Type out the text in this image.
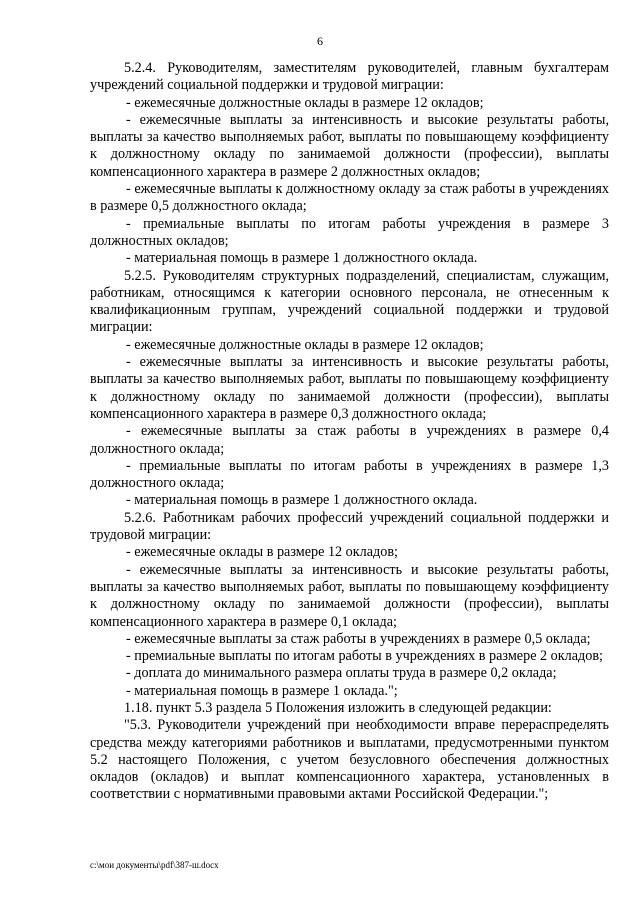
6

5.2.4. Руководителям, заместителям руководителей, главным бухгалтерам учреждений социальной поддержки и трудовой миграции:

- ежемесячные должностные оклады в размере 12 окладов;

- ежемесячные выплаты за интенсивность и высокие результаты работы, выплаты за качество выполняемых работ, выплаты по повышающему коэффициенту к должностному окладу по занимаемой должности (профессии), выплаты компенсационного характера в размере 2 должностных окладов;

- ежемесячные выплаты к должностному окладу за стаж работы в учреждениях в размере 0,5 должностного оклада;

- премиальные выплаты по итогам работы учреждения в размере 3 должностных окладов;

- материальная помощь в размере 1 должностного оклада.

5.2.5. Руководителям структурных подразделений, специалистам, служащим, работникам, относящимся к категории основного персонала, не отнесенным к квалификационным группам, учреждений социальной поддержки и трудовой миграции:

- ежемесячные должностные оклады в размере 12 окладов;

- ежемесячные выплаты за интенсивность и высокие результаты работы, выплаты за качество выполняемых работ, выплаты по повышающему коэффициенту к должностному окладу по занимаемой должности (профессии), выплаты компенсационного характера в размере 0,3 должностного оклада;

- ежемесячные выплаты за стаж работы в учреждениях в размере 0,4 должностного оклада;

- премиальные выплаты по итогам работы в учреждениях в размере 1,3 должностного оклада;

- материальная помощь в размере 1 должностного оклада.

5.2.6. Работникам рабочих профессий учреждений социальной поддержки и трудовой миграции:

- ежемесячные оклады в размере 12 окладов;

- ежемесячные выплаты за интенсивность и высокие результаты работы, выплаты за качество выполняемых работ, выплаты по повышающему коэффициенту к должностному окладу по занимаемой должности (профессии), выплаты компенсационного характера в размере 0,1 оклада;

- ежемесячные выплаты за стаж работы в учреждениях в размере 0,5 оклада;

- премиальные выплаты по итогам работы в учреждениях в размере 2 окладов;

- доплата до минимального размера оплаты труда в размере 0,2 оклада;

- материальная помощь в размере 1 оклада.";

1.18. пункт 5.3 раздела 5 Положения изложить в следующей редакции:

"5.3. Руководители учреждений при необходимости вправе перераспределять средства между категориями работников и выплатами, предусмотренными пунктом 5.2 настоящего Положения, с учетом безусловного обеспечения должностных окладов (окладов) и выплат компенсационного характера, установленных в соответствии с нормативными правовыми актами Российской Федерации.";

c:\мои документы\pdf\387-ш.docx
